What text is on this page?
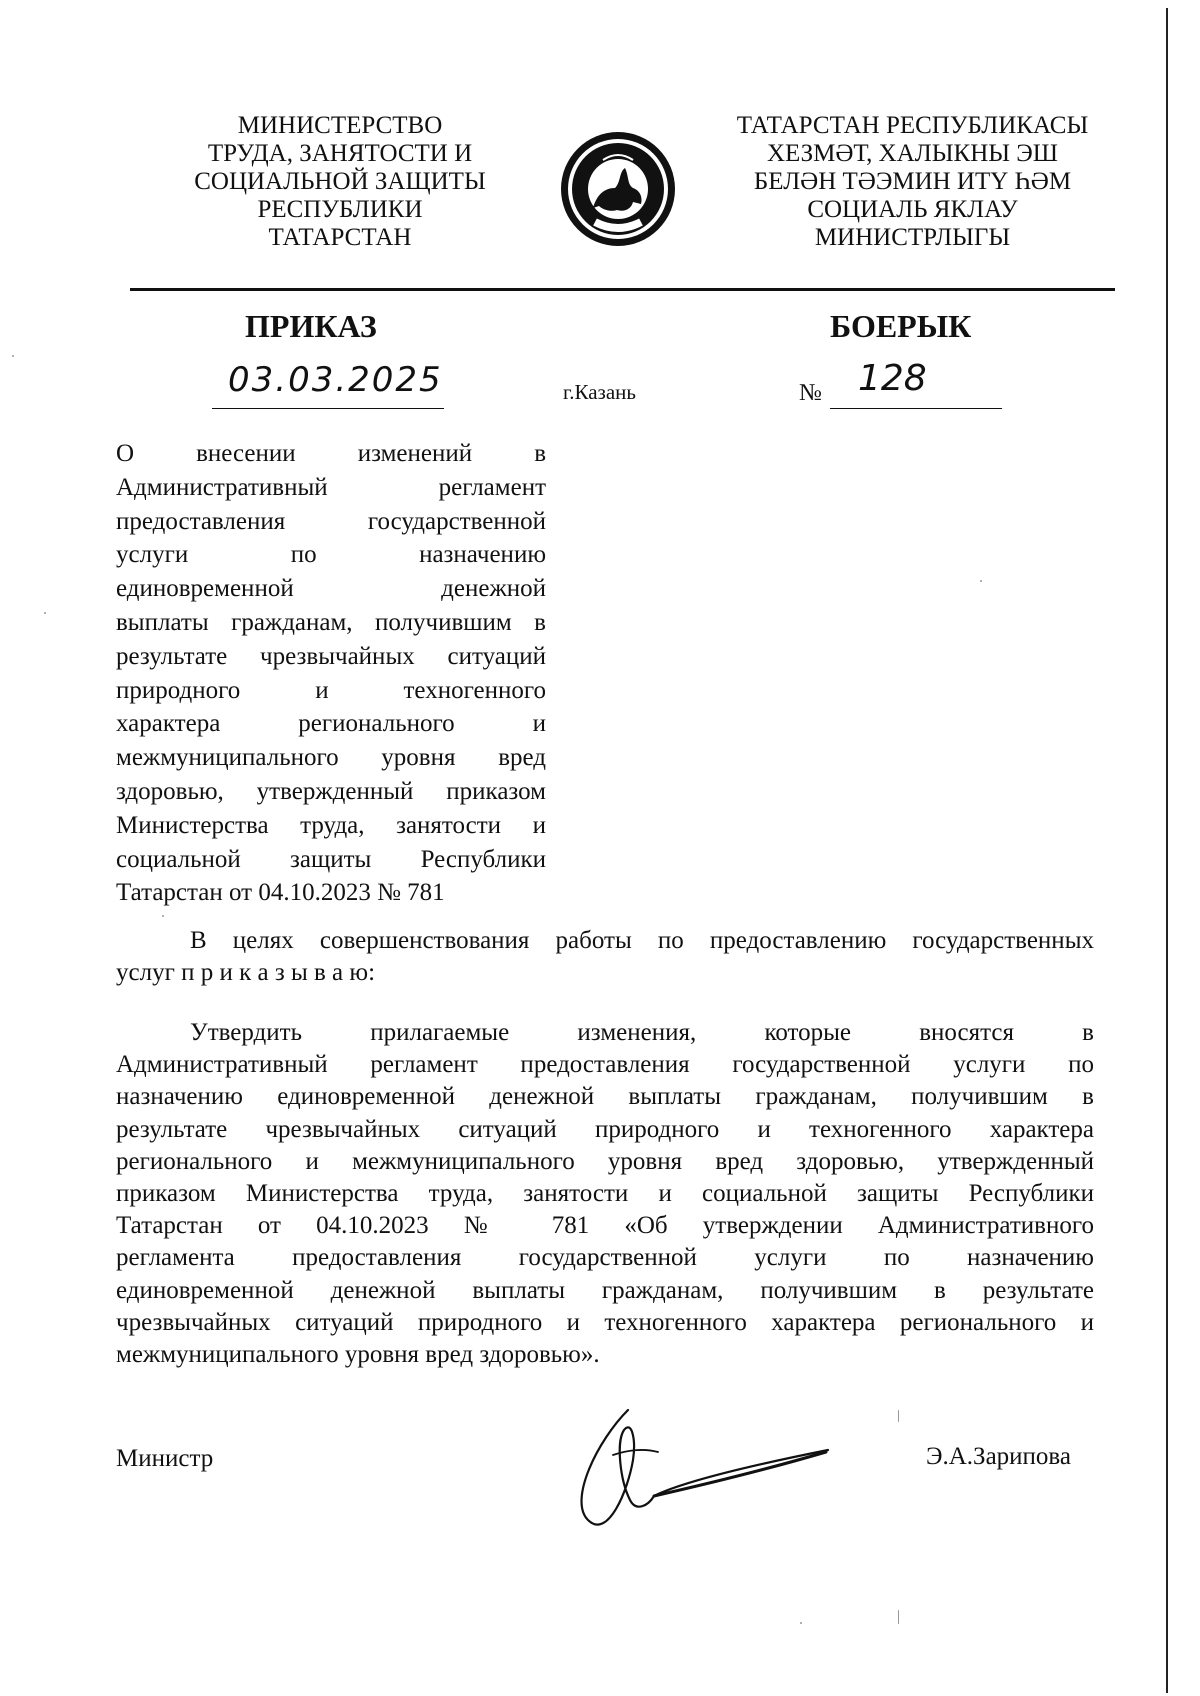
МИНИСТЕРСТВО
ТРУДА, ЗАНЯТОСТИ И
СОЦИАЛЬНОЙ ЗАЩИТЫ
РЕСПУБЛИКИ
ТАТАРСТАН
ТАТАРСТАН РЕСПУБЛИКАСЫ
ХЕЗМӘТ, ХАЛЫКНЫ ЭШ
БЕЛӘН ТӘЭМИН ИТҮ ҺӘМ
СОЦИАЛЬ ЯКЛАУ
МИНИСТРЛЫГЫ
ПРИКАЗ	БОЕРЫК
03.03.2025	г.Казань	№ 128
О внесении изменений в
Административный регламент
предоставления государственной
услуги по назначению
единовременной денежной
выплаты гражданам, получившим в
результате чрезвычайных ситуаций
природного и техногенного
характера регионального и
межмуниципального уровня вред
здоровью, утвержденный приказом
Министерства труда, занятости и
социальной защиты Республики
Татарстан от 04.10.2023 № 781
В целях совершенствования работы по предоставлению государственных
услуг п р и к а з ы в а ю:
Утвердить прилагаемые изменения, которые вносятся в
Административный регламент предоставления государственной услуги по
назначению единовременной денежной выплаты гражданам, получившим в
результате чрезвычайных ситуаций природного и техногенного характера
регионального и межмуниципального уровня вред здоровью, утвержденный
приказом Министерства труда, занятости и социальной защиты Республики
Татарстан от 04.10.2023 № 781 «Об утверждении Административного
регламента предоставления государственной услуги по назначению
единовременной денежной выплаты гражданам, получившим в результате
чрезвычайных ситуаций природного и техногенного характера регионального и
межмуниципального уровня вред здоровью».
Министр	Э.А.Зарипова
